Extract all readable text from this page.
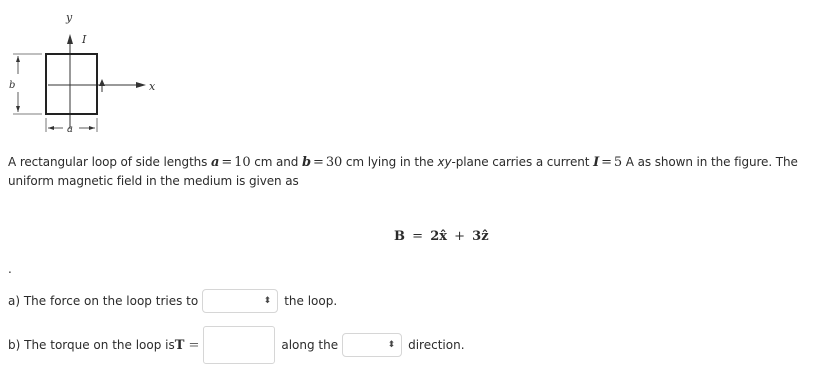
y
I
x
b
a
A rectangular loop of side lengths a = 10 cm and b = 30 cm lying in the xy-plane carries a current I = 5 A as shown in the figure. The uniform magnetic field in the medium is given as
B = 2x̂ + 3ẑ
.
a) The force on the loop tries to	⬍ the loop.
b) The torque on the loop is T =	along the	⬍ direction.
